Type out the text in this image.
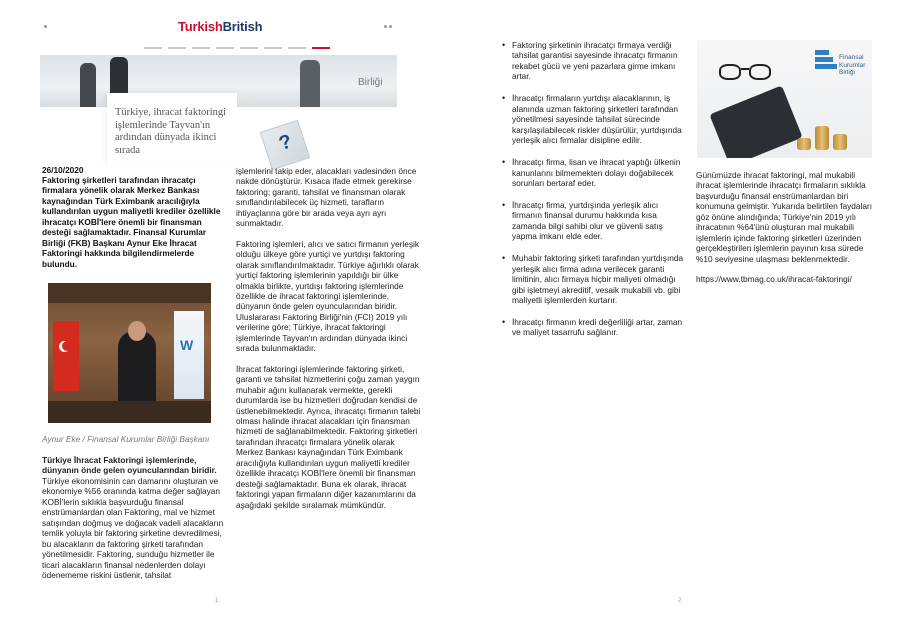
TurkishBritish
Birliği
Türkiye, ihracat faktoringi işlemlerinde Tayvan'ın ardından dünyada ikinci sırada	?
26/10/2020
Faktoring şirketleri tarafından ihracatçı firmalara yönelik olarak Merkez Bankası kaynağından Türk Eximbank aracılığıyla kullandırılan uygun maliyetli krediler özellikle ihracatçı KOBİ'lere önemli bir finansman desteği sağlamaktadır. Finansal Kurumlar Birliği (FKB) Başkanı Aynur Eke İhracat Faktoringi hakkında bilgilendirmelerde bulundu.
W
Aynur Eke / Finansal Kurumlar Birliği Başkanı

Türkiye İhracat Faktoringi işlemlerinde, dünyanın önde gelen oyuncularından biridir. Türkiye ekonomisinin can damarını oluşturan ve ekonomiye %56 oranında katma değer sağlayan KOBİ'lerin sıklıkla başvurduğu finansal enstrümanlardan olan Faktoring, mal ve hizmet satışından doğmuş ve doğacak vadeli alacakların temlik yoluyla bir faktoring şirketine devredilmesi, bu alacakların da faktoring şirketi tarafından yönetilmesidir. Faktoring, sunduğu hizmetler ile ticari alacakların finansal nedenlerden dolayı ödenememe riskini üstlenir, tahsilat

işlemlerini takip eder, alacakları vadesinden önce nakde dönüştürür. Kısaca ifade etmek gerekirse faktoring; garanti, tahsilat ve finansman olarak sınıflandırılabilecek üç hizmeti, tarafların ihtiyaçlarına göre bir arada veya ayrı ayrı sunmaktadır.

Faktoring işlemleri, alıcı ve satıcı firmanın yerleşik olduğu ülkeye göre yurtiçi ve yurtdışı faktoring olarak sınıflandırılmaktadır. Türkiye ağırlıklı olarak yurtiçi faktoring işlemlerinin yapıldığı bir ülke olmakla birlikte, yurtdışı faktoring işlemlerinde özellikle de ihracat faktoringi işlemlerinde, dünyanın önde gelen oyuncularından biridir. Uluslararası Faktoring Birliği'nin (FCI) 2019 yılı verilerine göre; Türkiye, ihracat faktoringi işlemlerinde Tayvan'ın ardından dünyada ikinci sırada bulunmaktadır.

İhracat faktoringi işlemlerinde faktoring şirketi, garanti ve tahsilat hizmetlerini çoğu zaman yaygın muhabir ağını kullanarak vermekte, gerekli durumlarda ise bu hizmetleri doğrudan kendisi de üstlenebilmektedir. Ayrıca, ihracatçı firmanın talebi olması halinde ihracat alacakları için finansman hizmeti de sağlanabilmektedir. Faktoring şirketleri tarafından ihracatçı firmalara yönelik olarak Merkez Bankası kaynağından Türk Eximbank aracılığıyla kullandırılan uygun maliyetli krediler özellikle ihracatçı KOBİ'lere önemli bir finansman desteği sağlamaktadır. Buna ek olarak, ihracat faktoringi yapan firmaların diğer kazanımlarını da aşağıdaki şekilde sıralamak mümkündür.

1
• Faktoring şirketinin ihracatçı firmaya verdiği tahsilat garantisi sayesinde ihracatçı firmanın rekabet gücü ve yeni pazarlara girme imkanı artar.
• İhracatçı firmaların yurtdışı alacaklarının, iş alanında uzman faktoring şirketleri tarafından yönetilmesi sayesinde tahsilat sürecinde karşılaşılabilecek riskler düşürülür, yurtdışında yerleşik alıcı firmalar disipline edilir.
• İhracatçı firma, lisan ve ihracat yaptığı ülkenin kanunlarını bilmemekten dolayı doğabilecek sorunları bertaraf eder.
• İhracatçı firma, yurtdışında yerleşik alıcı firmanın finansal durumu hakkında kısa zamanda bilgi sahibi olur ve güvenli satış yapma imkanı elde eder.
• Muhabir faktoring şirketi tarafından yurtdışında yerleşik alıcı firma adına verilecek garanti limitinin, alıcı firmaya hiçbir maliyeti olmadığı gibi işletmeyi akreditif, vesaik mukabili vb. gibi maliyetli işlemlerden kurtarır.
• İhracatçı firmanın kredi değerliliği artar, zaman ve maliyet tasarrufu sağlanır.
Finansal Kurumlar Birliği

Günümüzde ihracat faktoringi, mal mukabili ihracat işlemlerinde ihracatçı firmaların sıklıkla başvurduğu finansal enstrümanlardan biri konumuna gelmiştir. Yukarıda belirtilen faydaları göz önüne alındığında; Türkiye'nin 2019 yılı ihracatının %64'ünü oluşturan mal mukabili işlemlerin içinde faktoring şirketleri üzerinden gerçekleştirilen işlemlerin payının kısa sürede %10 seviyesine ulaşması beklenmektedir.

https://www.tbmag.co.uk/ihracat-faktoringi/

2
